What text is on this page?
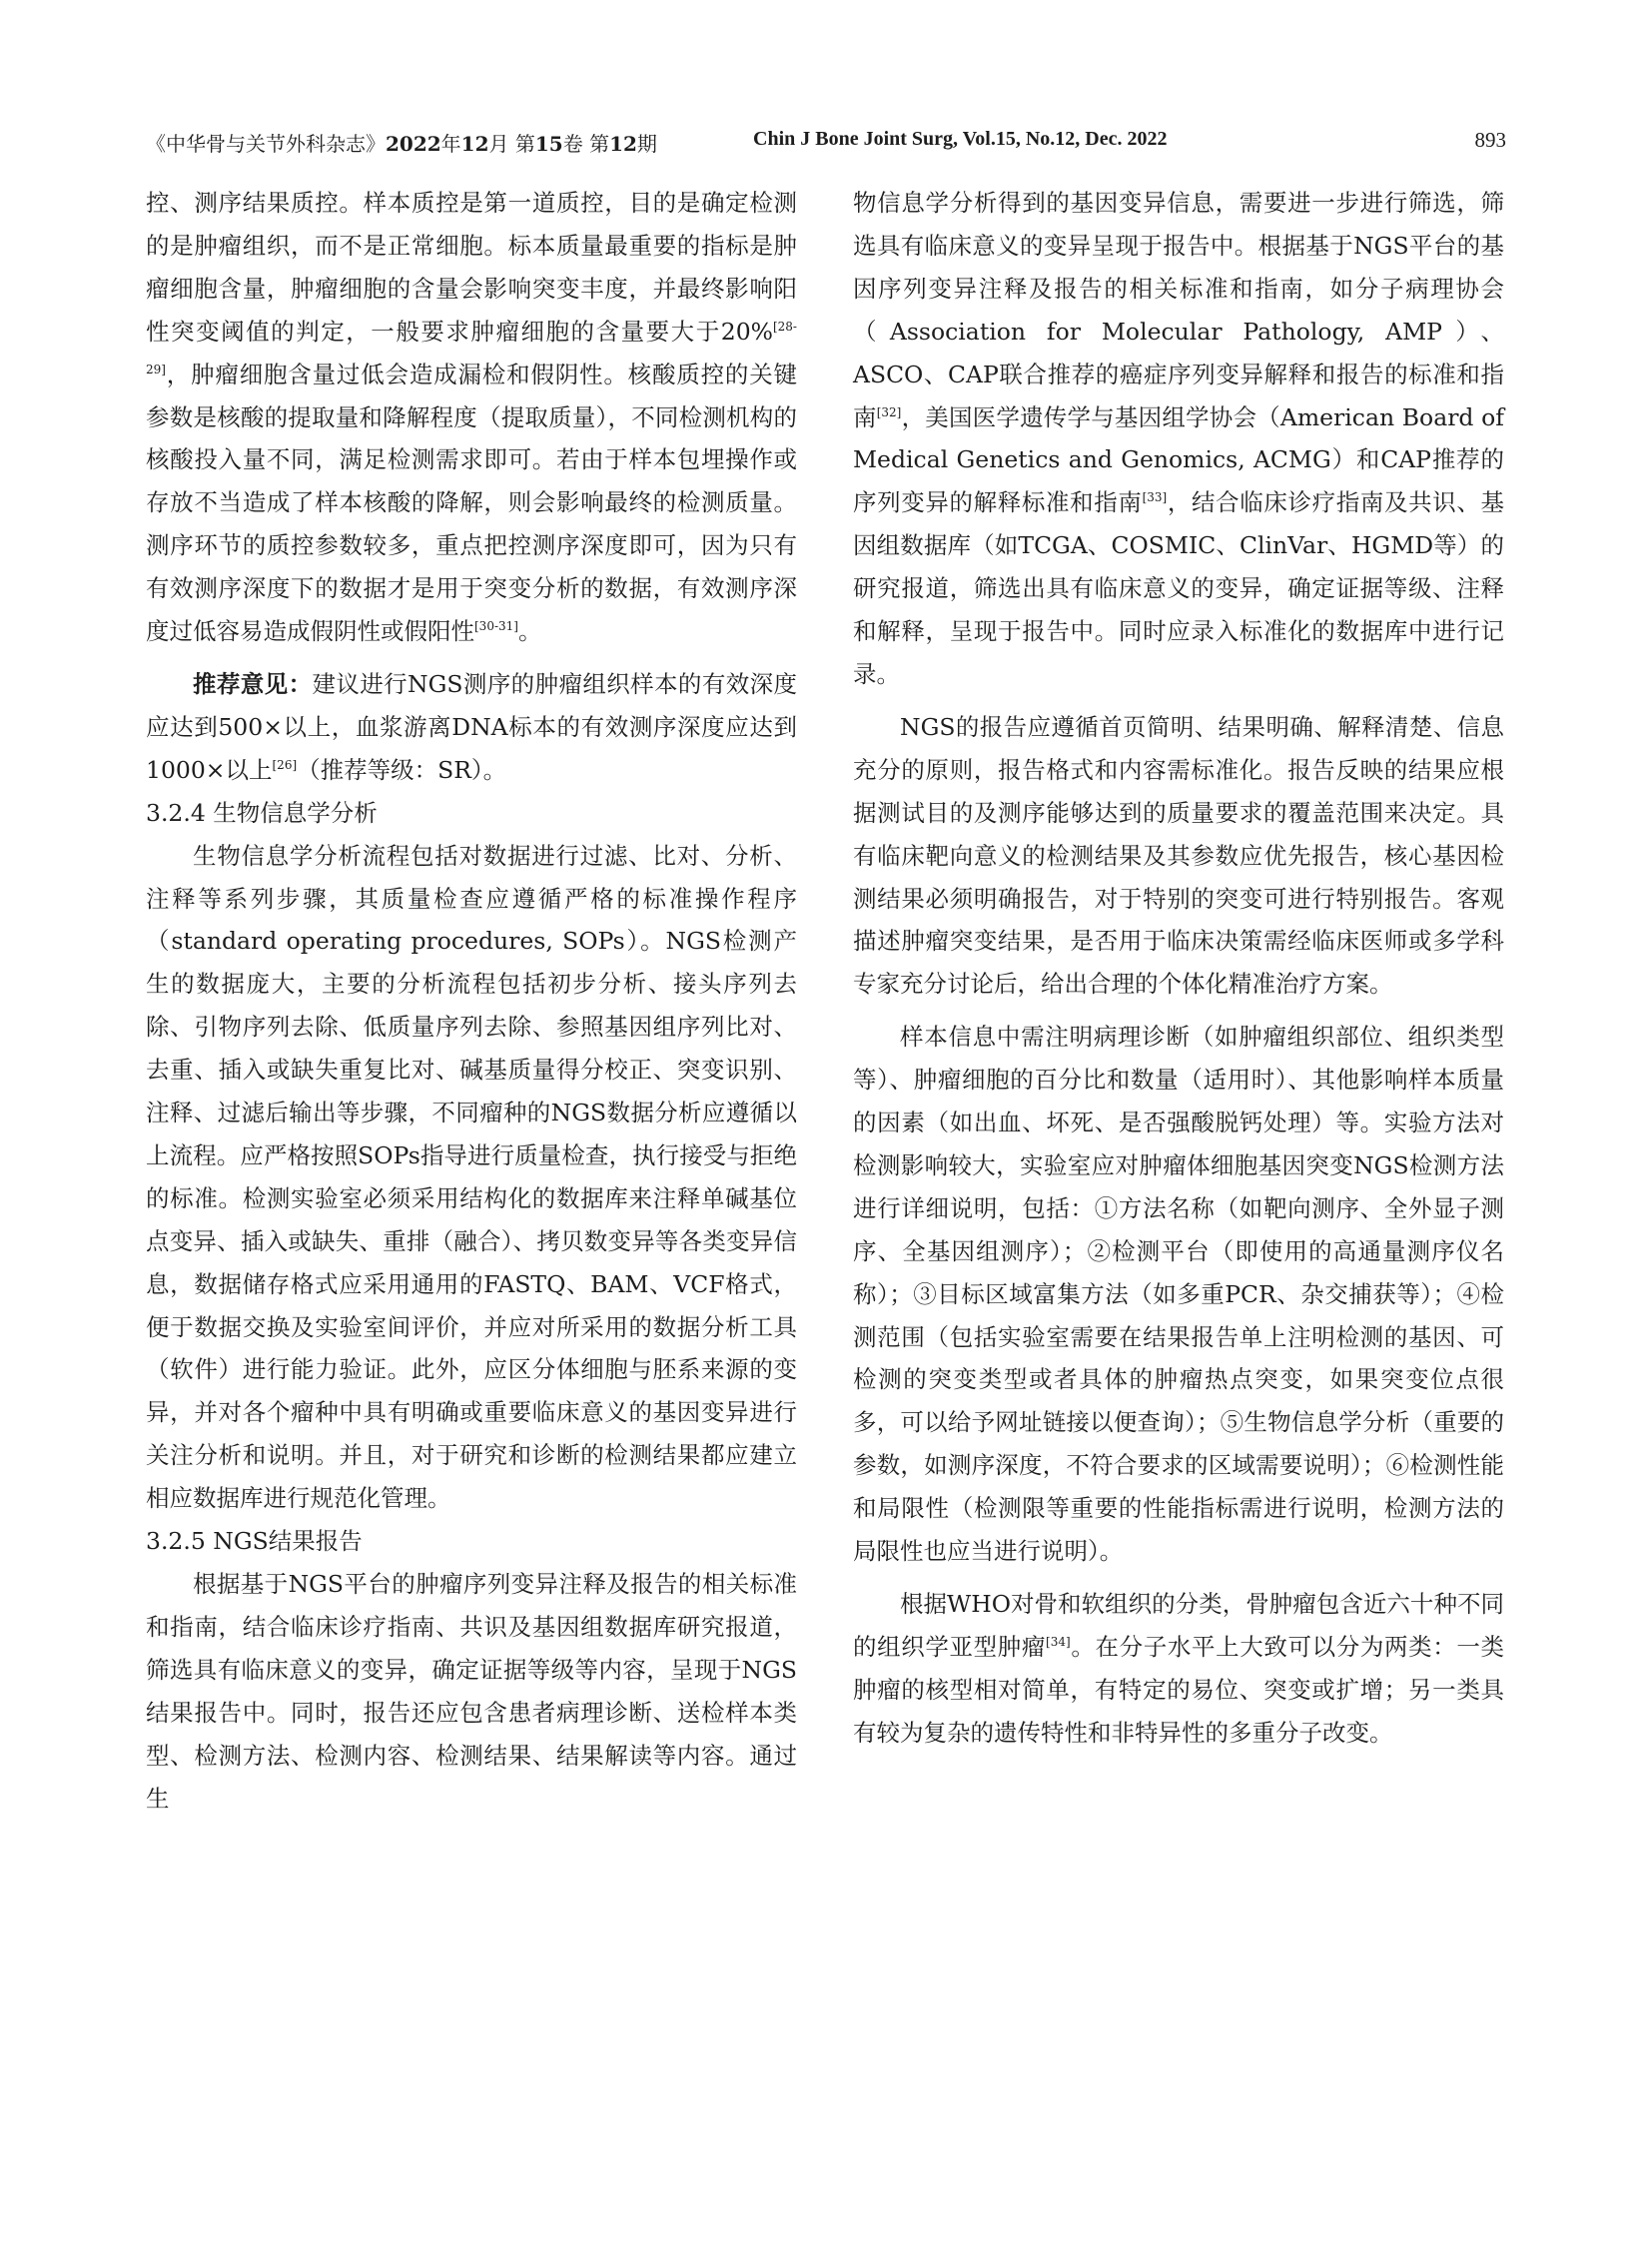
《中华骨与关节外科杂志》2022年12月 第15卷 第12期	Chin J Bone Joint Surg, Vol.15, No.12, Dec. 2022	893

控、测序结果质控。样本质控是第一道质控，目的是确定检测的是肿瘤组织，而不是正常细胞。标本质量最重要的指标是肿瘤细胞含量，肿瘤细胞的含量会影响突变丰度，并最终影响阳性突变阈值的判定，一般要求肿瘤细胞的含量要大于20%[28-29]，肿瘤细胞含量过低会造成漏检和假阴性。核酸质控的关键参数是核酸的提取量和降解程度（提取质量），不同检测机构的核酸投入量不同，满足检测需求即可。若由于样本包埋操作或存放不当造成了样本核酸的降解，则会影响最终的检测质量。测序环节的质控参数较多，重点把控测序深度即可，因为只有有效测序深度下的数据才是用于突变分析的数据，有效测序深度过低容易造成假阴性或假阳性[30-31]。

推荐意见：建议进行NGS测序的肿瘤组织样本的有效深度应达到500×以上，血浆游离DNA标本的有效测序深度应达到1000×以上[26]（推荐等级：SR）。

3.2.4 生物信息学分析

生物信息学分析流程包括对数据进行过滤、比对、分析、注释等系列步骤，其质量检查应遵循严格的标准操作程序（standard operating procedures, SOPs）。NGS检测产生的数据庞大，主要的分析流程包括初步分析、接头序列去除、引物序列去除、低质量序列去除、参照基因组序列比对、去重、插入或缺失重复比对、碱基质量得分校正、突变识别、注释、过滤后输出等步骤，不同瘤种的NGS数据分析应遵循以上流程。应严格按照SOPs指导进行质量检查，执行接受与拒绝的标准。检测实验室必须采用结构化的数据库来注释单碱基位点变异、插入或缺失、重排（融合）、拷贝数变异等各类变异信息，数据储存格式应采用通用的FASTQ、BAM、VCF格式，便于数据交换及实验室间评价，并应对所采用的数据分析工具（软件）进行能力验证。此外，应区分体细胞与胚系来源的变异，并对各个瘤种中具有明确或重要临床意义的基因变异进行关注分析和说明。并且，对于研究和诊断的检测结果都应建立相应数据库进行规范化管理。

3.2.5 NGS结果报告

根据基于NGS平台的肿瘤序列变异注释及报告的相关标准和指南，结合临床诊疗指南、共识及基因组数据库研究报道，筛选具有临床意义的变异，确定证据等级等内容，呈现于NGS结果报告中。同时，报告还应包含患者病理诊断、送检样本类型、检测方法、检测内容、检测结果、结果解读等内容。通过生

物信息学分析得到的基因变异信息，需要进一步进行筛选，筛选具有临床意义的变异呈现于报告中。根据基于NGS平台的基因序列变异注释及报告的相关标准和指南，如分子病理协会（Association for Molecular Pathology, AMP）、ASCO、CAP联合推荐的癌症序列变异解释和报告的标准和指南[32]，美国医学遗传学与基因组学协会（American Board of Medical Genetics and Genomics, ACMG）和CAP推荐的序列变异的解释标准和指南[33]，结合临床诊疗指南及共识、基因组数据库（如TCGA、COSMIC、ClinVar、HGMD等）的研究报道，筛选出具有临床意义的变异，确定证据等级、注释和解释，呈现于报告中。同时应录入标准化的数据库中进行记录。

NGS的报告应遵循首页简明、结果明确、解释清楚、信息充分的原则，报告格式和内容需标准化。报告反映的结果应根据测试目的及测序能够达到的质量要求的覆盖范围来决定。具有临床靶向意义的检测结果及其参数应优先报告，核心基因检测结果必须明确报告，对于特别的突变可进行特别报告。客观描述肿瘤突变结果，是否用于临床决策需经临床医师或多学科专家充分讨论后，给出合理的个体化精准治疗方案。

样本信息中需注明病理诊断（如肿瘤组织部位、组织类型等）、肿瘤细胞的百分比和数量（适用时）、其他影响样本质量的因素（如出血、坏死、是否强酸脱钙处理）等。实验方法对检测影响较大，实验室应对肿瘤体细胞基因突变NGS检测方法进行详细说明，包括：①方法名称（如靶向测序、全外显子测序、全基因组测序）；②检测平台（即使用的高通量测序仪名称）；③目标区域富集方法（如多重PCR、杂交捕获等）；④检测范围（包括实验室需要在结果报告单上注明检测的基因、可检测的突变类型或者具体的肿瘤热点突变，如果突变位点很多，可以给予网址链接以便查询）；⑤生物信息学分析（重要的参数，如测序深度，不符合要求的区域需要说明）；⑥检测性能和局限性（检测限等重要的性能指标需进行说明，检测方法的局限性也应当进行说明）。

根据WHO对骨和软组织的分类，骨肿瘤包含近六十种不同的组织学亚型肿瘤[34]。在分子水平上大致可以分为两类：一类肿瘤的核型相对简单，有特定的易位、突变或扩增；另一类具有较为复杂的遗传特性和非特异性的多重分子改变。
